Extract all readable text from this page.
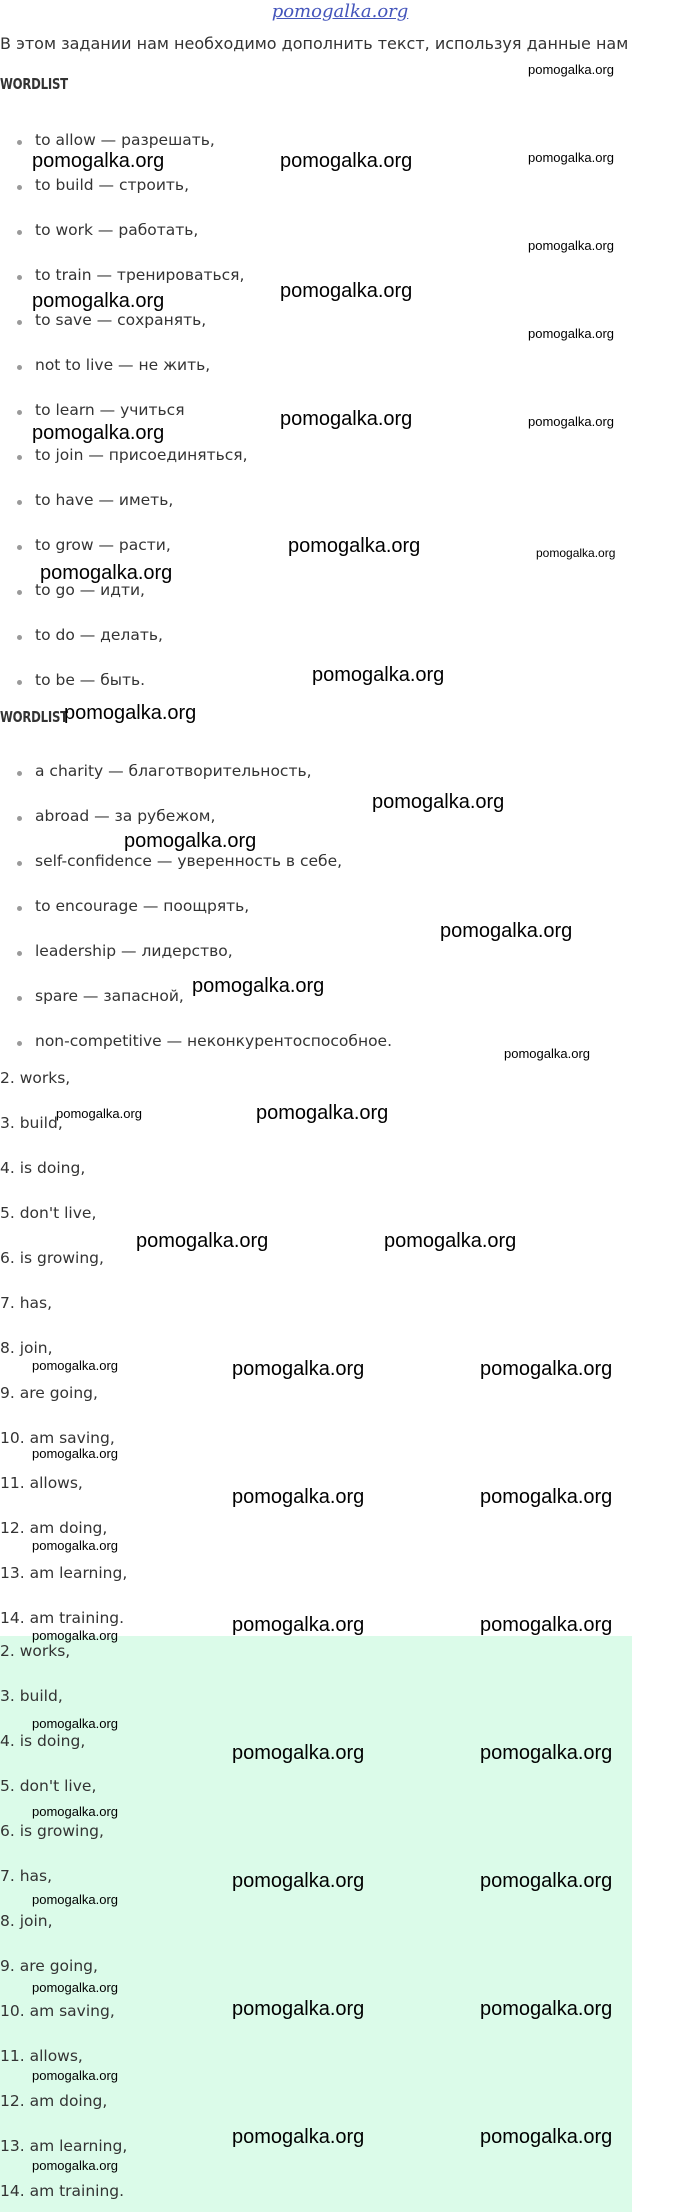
pomogalka.org
В этом задании нам необходимо дополнить текст, используя данные нам
WORDLIST
to allow — разрешать,
to build — строить,
to work — работать,
to train — тренироваться,
to save — сохранять,
not to live — не жить,
to learn — учиться
to join — присоединяться,
to have — иметь,
to grow — расти,
to go — идти,
to do — делать,
to be — быть.
WORDLIST
a charity — благотворительность,
abroad — за рубежом,
self-confidence — уверенность в себе,
to encourage — поощрять,
leadership — лидерство,
spare — запасной,
non-competitive — неконкурентоспособное.
2. works,
3. build,
4. is doing,
5. don't live,
6. is growing,
7. has,
8. join,
9. are going,
10. am saving,
11. allows,
12. am doing,
13. am learning,
14. am training.
2. works,
3. build,
4. is doing,
5. don't live,
6. is growing,
7. has,
8. join,
9. are going,
10. am saving,
11. allows,
12. am doing,
13. am learning,
14. am training.
pomogalka.org
pomogalka.org
pomogalka.org
pomogalka.org
pomogalka.org
pomogalka.org
pomogalka.org	pomogalka.org
pomogalka.org	pomogalka.org
pomogalka.org
pomogalka.org
pomogalka.org
pomogalka.org
pomogalka.org
pomogalka.org
pomogalka.org
pomogalka.org
pomogalka.org
pomogalka.org
pomogalka.org
pomogalka.org	pomogalka.org
pomogalka.org	pomogalka.org
pomogalka.org	pomogalka.org	pomogalka.org
pomogalka.org
pomogalka.org	pomogalka.org
pomogalka.org
pomogalka.org	pomogalka.org
pomogalka.org
pomogalka.org
pomogalka.org	pomogalka.org
pomogalka.org
pomogalka.org	pomogalka.org
pomogalka.org
pomogalka.org
pomogalka.org	pomogalka.org
pomogalka.org
pomogalka.org	pomogalka.org
pomogalka.org
